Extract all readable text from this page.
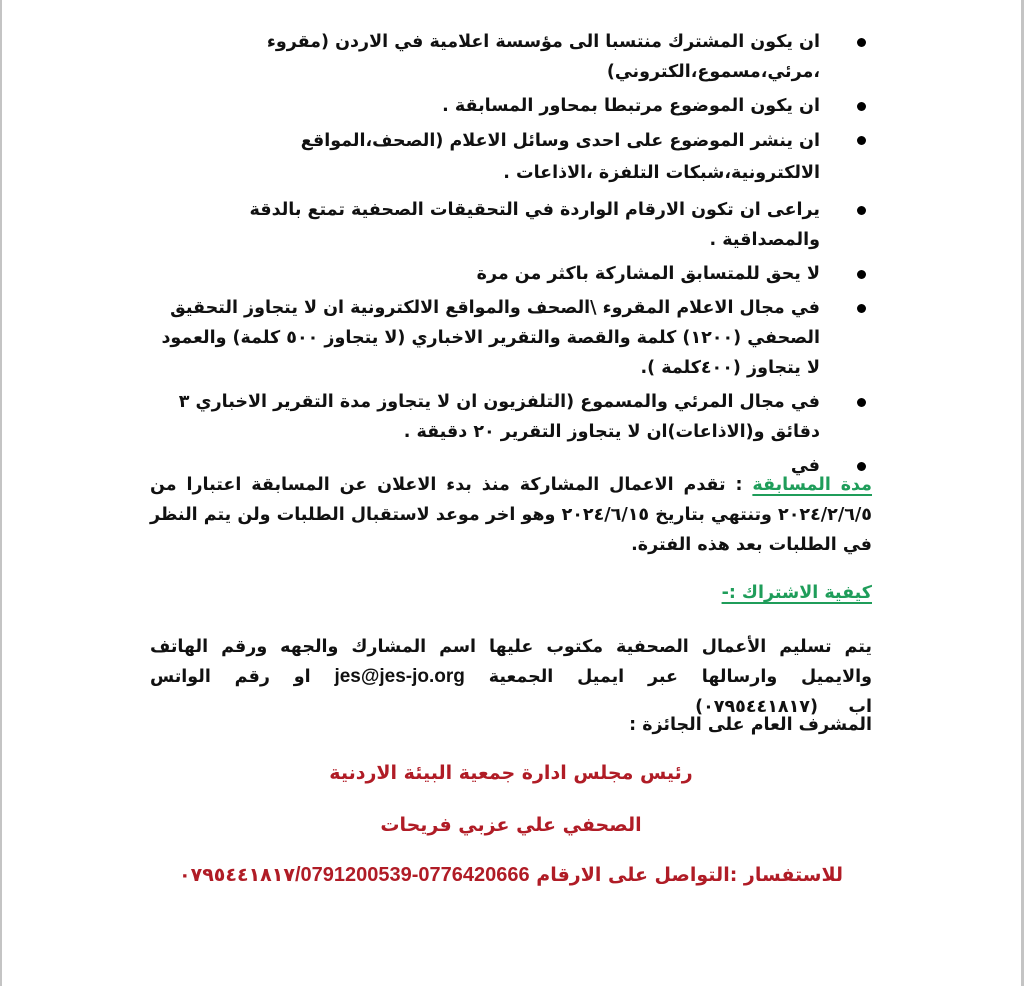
ان يكون المشترك منتسبا الى مؤسسة اعلامية في الاردن (مقروء ،مرئي،مسموع،الكتروني)
ان يكون الموضوع مرتبطا بمحاور المسابقة .
ان ينشر الموضوع على احدى وسائل الاعلام (الصحف،المواقع الالكترونية،شبكات التلفزة ،الاذاعات .
يراعى ان تكون الارقام الواردة في التحقيقات الصحفية تمتع بالدقة والمصداقية .
لا يحق للمتسابق المشاركة باكثر من مرة
في مجال الاعلام المقروء \الصحف والمواقع الالكترونية ان لا يتجاوز التحقيق الصحفي (١٢٠٠) كلمة والقصة والتقرير الاخباري (لا يتجاوز ٥٠٠ كلمة) والعمود لا يتجاوز (٤٠٠كلمة ).
في مجال المرئي والمسموع (التلفزيون ان لا يتجاوز مدة التقرير الاخباري ٣ دقائق و(الاذاعات)ان لا يتجاوز التقرير ٢٠ دقيقة .
في
مدة المسابقة : تقدم الاعمال المشاركة منذ بدء الاعلان عن المسابقة اعتبارا من ٢٠٢٤/٢/٦/٥ وتنتهي بتاريخ ٢٠٢٤/٦/١٥ وهو اخر موعد لاستقبال الطلبات ولن يتم النظر في الطلبات بعد هذه الفترة.
كيفية الاشتراك :-
يتم تسليم الأعمال الصحفية مكتوب عليها اسم المشارك والجهه ورقم الهاتف والايميل وارسالها عبر ايميل الجمعية jes@jes-jo.org او رقم الواتس اب     (٠٧٩٥٤٤١٨١٧)
المشرف العام على الجائزة :
رئيس مجلس ادارة جمعية البيئة الاردنية
الصحفي علي عزبي فريحات
للاستفسار :التواصل على الارقام ٠٧٩٥٤٤١٨١٧/0791200539-0776420666
